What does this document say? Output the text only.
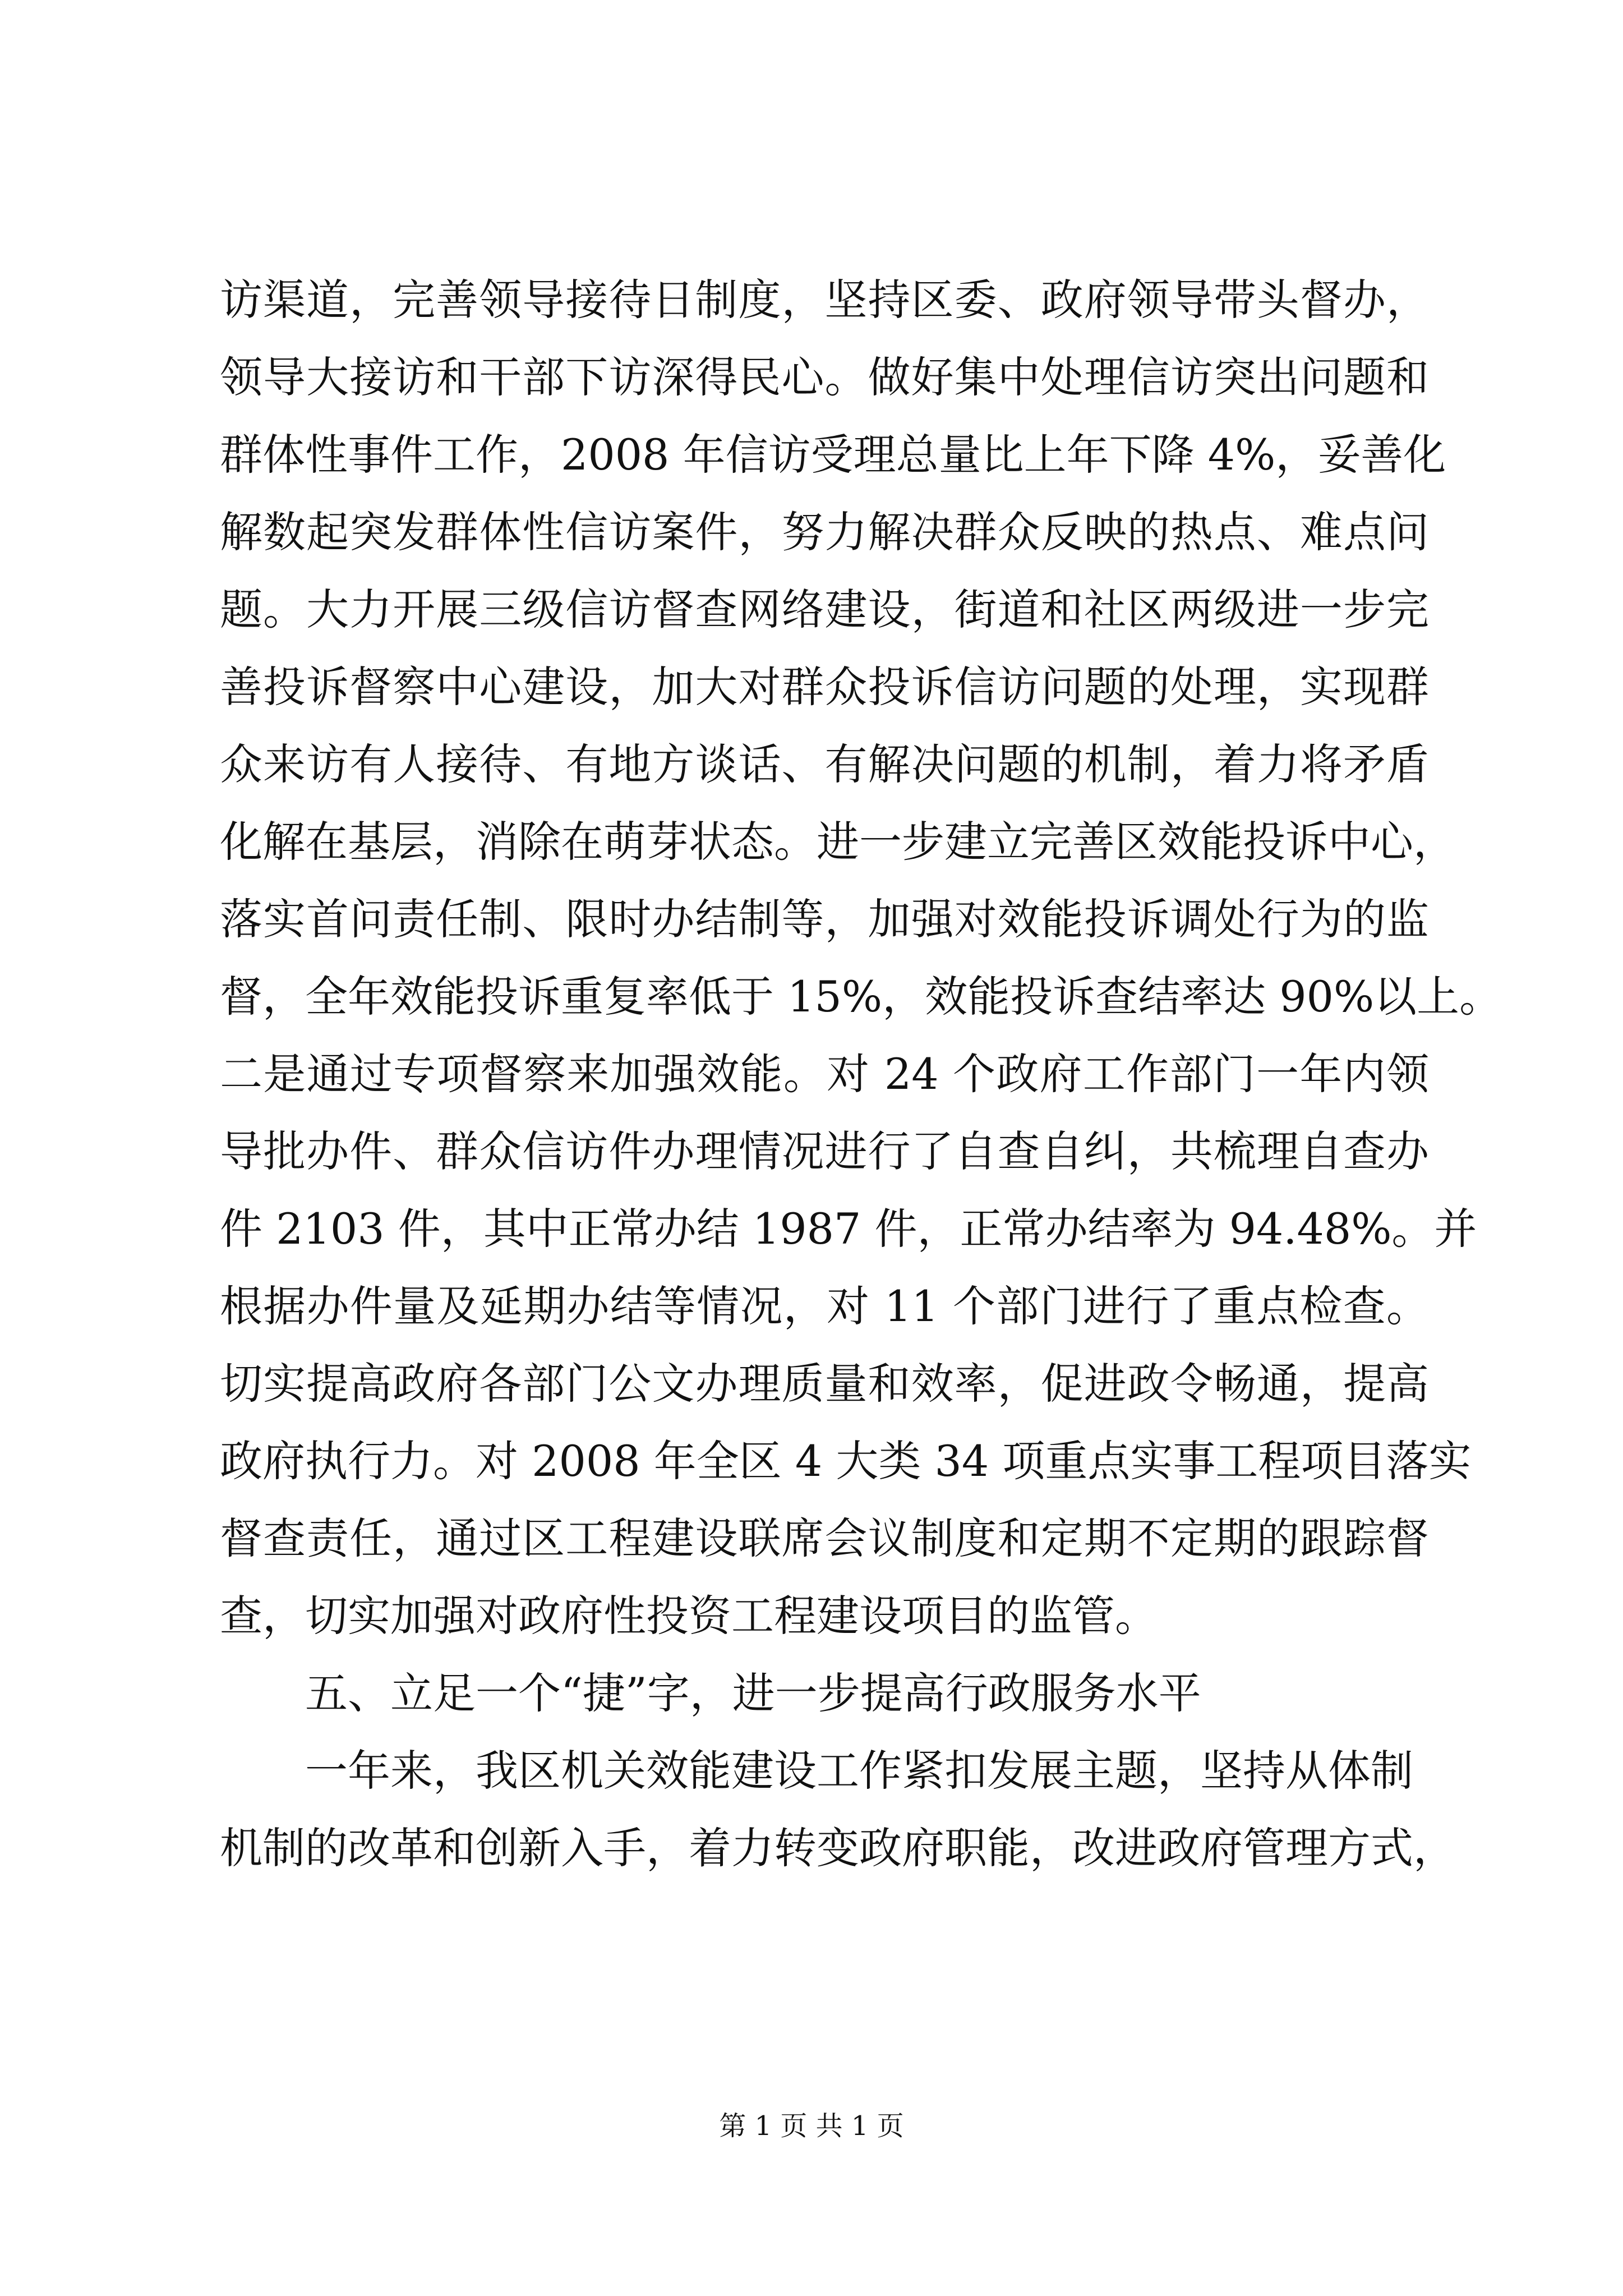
访渠道，完善领导接待日制度，坚持区委、政府领导带头督办，
领导大接访和干部下访深得民心。做好集中处理信访突出问题和
群体性事件工作，2008 年信访受理总量比上年下降 4%，妥善化
解数起突发群体性信访案件，努力解决群众反映的热点、难点问
题。大力开展三级信访督查网络建设，街道和社区两级进一步完
善投诉督察中心建设，加大对群众投诉信访问题的处理，实现群
众来访有人接待、有地方谈话、有解决问题的机制，着力将矛盾
化解在基层，消除在萌芽状态。进一步建立完善区效能投诉中心，
落实首问责任制、限时办结制等，加强对效能投诉调处行为的监
督，全年效能投诉重复率低于 15%，效能投诉查结率达 90%以上。
二是通过专项督察来加强效能。对 24 个政府工作部门一年内领
导批办件、群众信访件办理情况进行了自查自纠，共梳理自查办
件 2103 件，其中正常办结 1987 件，正常办结率为 94.48%。并
根据办件量及延期办结等情况，对 11 个部门进行了重点检查。
切实提高政府各部门公文办理质量和效率，促进政令畅通，提高
政府执行力。对 2008 年全区 4 大类 34 项重点实事工程项目落实
督查责任，通过区工程建设联席会议制度和定期不定期的跟踪督
查，切实加强对政府性投资工程建设项目的监管。
五、立足一个“捷”字，进一步提高行政服务水平
一年来，我区机关效能建设工作紧扣发展主题，坚持从体制
机制的改革和创新入手，着力转变政府职能，改进政府管理方式，
第 1 页 共 1 页
